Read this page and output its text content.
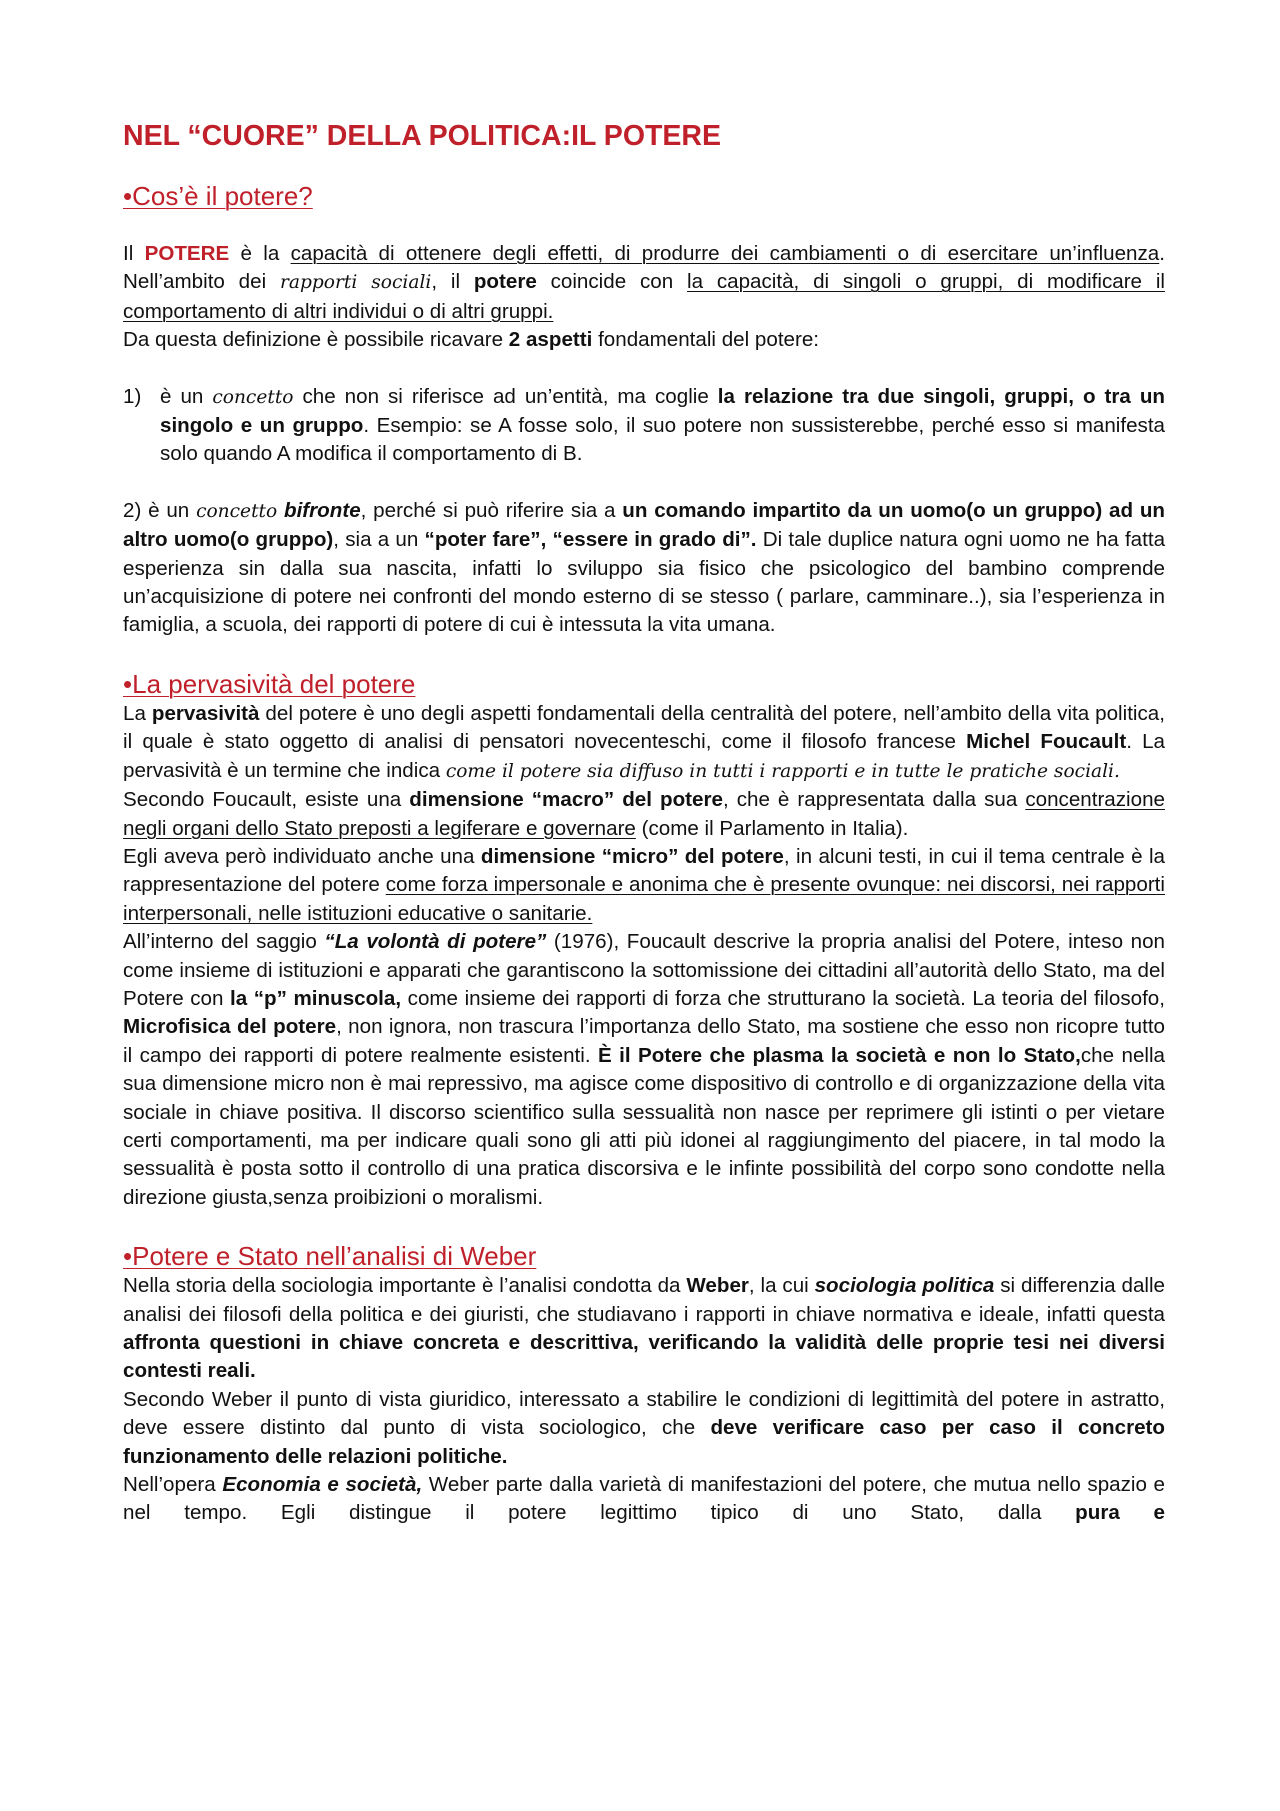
NEL “CUORE” DELLA POLITICA:IL POTERE
•Cos’è il potere?

Il POTERE è la capacità di ottenere degli effetti, di produrre dei cambiamenti o di esercitare un’influenza. Nell’ambito dei rapporti sociali, il potere coincide con la capacità, di singoli o gruppi, di modificare il comportamento di altri individui o di altri gruppi.

Da questa definizione è possibile ricavare 2 aspetti fondamentali del potere:

1) è un concetto che non si riferisce ad un’entità, ma coglie la relazione tra due singoli, gruppi, o tra un singolo e un gruppo. Esempio: se A fosse solo, il suo potere non sussisterebbe, perché esso si manifesta solo quando A modifica il comportamento di B.

2) è un concetto bifronte, perché si può riferire sia a un comando impartito da un uomo(o un gruppo) ad un altro uomo(o gruppo), sia a un “poter fare”, “essere in grado di”. Di tale duplice natura ogni uomo ne ha fatta esperienza sin dalla sua nascita, infatti lo sviluppo sia fisico che psicologico del bambino comprende un’acquisizione di potere nei confronti del mondo esterno di se stesso ( parlare, camminare..), sia l’esperienza in famiglia, a scuola, dei rapporti di potere di cui è intessuta la vita umana.

•La pervasività del potere

La pervasività del potere è uno degli aspetti fondamentali della centralità del potere, nell’ambito della vita politica, il quale è stato oggetto di analisi di pensatori novecenteschi, come il filosofo francese Michel Foucault. La pervasività è un termine che indica come il potere sia diffuso in tutti i rapporti e in tutte le pratiche sociali.

Secondo Foucault, esiste una dimensione “macro” del potere, che è rappresentata dalla sua concentrazione negli organi dello Stato preposti a legiferare e governare (come il Parlamento in Italia).

Egli aveva però individuato anche una dimensione “micro” del potere, in alcuni testi, in cui il tema centrale è la rappresentazione del potere come forza impersonale e anonima che è presente ovunque: nei discorsi, nei rapporti interpersonali, nelle istituzioni educative o sanitarie.

All’interno del saggio “La volontà di potere” (1976), Foucault descrive la propria analisi del Potere, inteso non come insieme di istituzioni e apparati che garantiscono la sottomissione dei cittadini all’autorità dello Stato, ma del Potere con la “p” minuscola, come insieme dei rapporti di forza che strutturano la società. La teoria del filosofo, Microfisica del potere, non ignora, non trascura l’importanza dello Stato, ma sostiene che esso non ricopre tutto il campo dei rapporti di potere realmente esistenti. È il Potere che plasma la società e non lo Stato,che nella sua dimensione micro non è mai repressivo, ma agisce come dispositivo di controllo e di organizzazione della vita sociale in chiave positiva. Il discorso scientifico sulla sessualità non nasce per reprimere gli istinti o per vietare certi comportamenti, ma per indicare quali sono gli atti più idonei al raggiungimento del piacere, in tal modo la sessualità è posta sotto il controllo di una pratica discorsiva e le infinte possibilità del corpo sono condotte nella direzione giusta,senza proibizioni o moralismi.

•Potere e Stato nell’analisi di Weber

Nella storia della sociologia importante è l’analisi condotta da Weber, la cui sociologia politica si differenzia dalle analisi dei filosofi della politica e dei giuristi, che studiavano i rapporti in chiave normativa e ideale, infatti questa affronta questioni in chiave concreta e descrittiva, verificando la validità delle proprie tesi nei diversi contesti reali.

Secondo Weber il punto di vista giuridico, interessato a stabilire le condizioni di legittimità del potere in astratto, deve essere distinto dal punto di vista sociologico, che deve verificare caso per caso il concreto funzionamento delle relazioni politiche.

Nell’opera Economia e società, Weber parte dalla varietà di manifestazioni del potere, che mutua nello spazio e nel tempo. Egli distingue il potere legittimo tipico di uno Stato, dalla pura e
